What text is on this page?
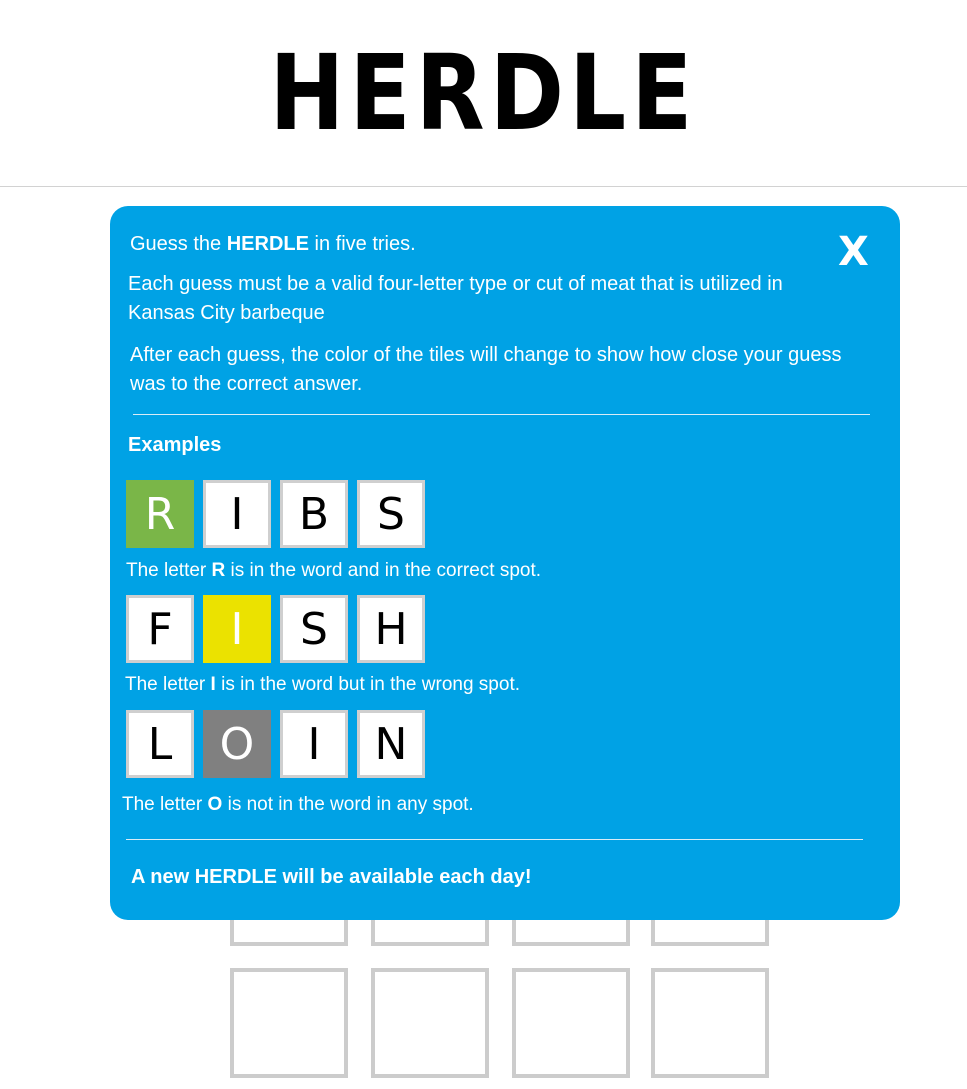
HERDLE
X
Guess the HERDLE in five tries.
Each guess must be a valid four-letter type or cut of meat that is utilized in Kansas City barbeque
After each guess, the color of the tiles will change to show how close your guess was to the correct answer.
Examples
R	I	B	S
The letter R is in the word and in the correct spot.
F	I	S	H
The letter I is in the word but in the wrong spot.
L	O	I	N
The letter O is not in the word in any spot.
A new HERDLE will be available each day!
